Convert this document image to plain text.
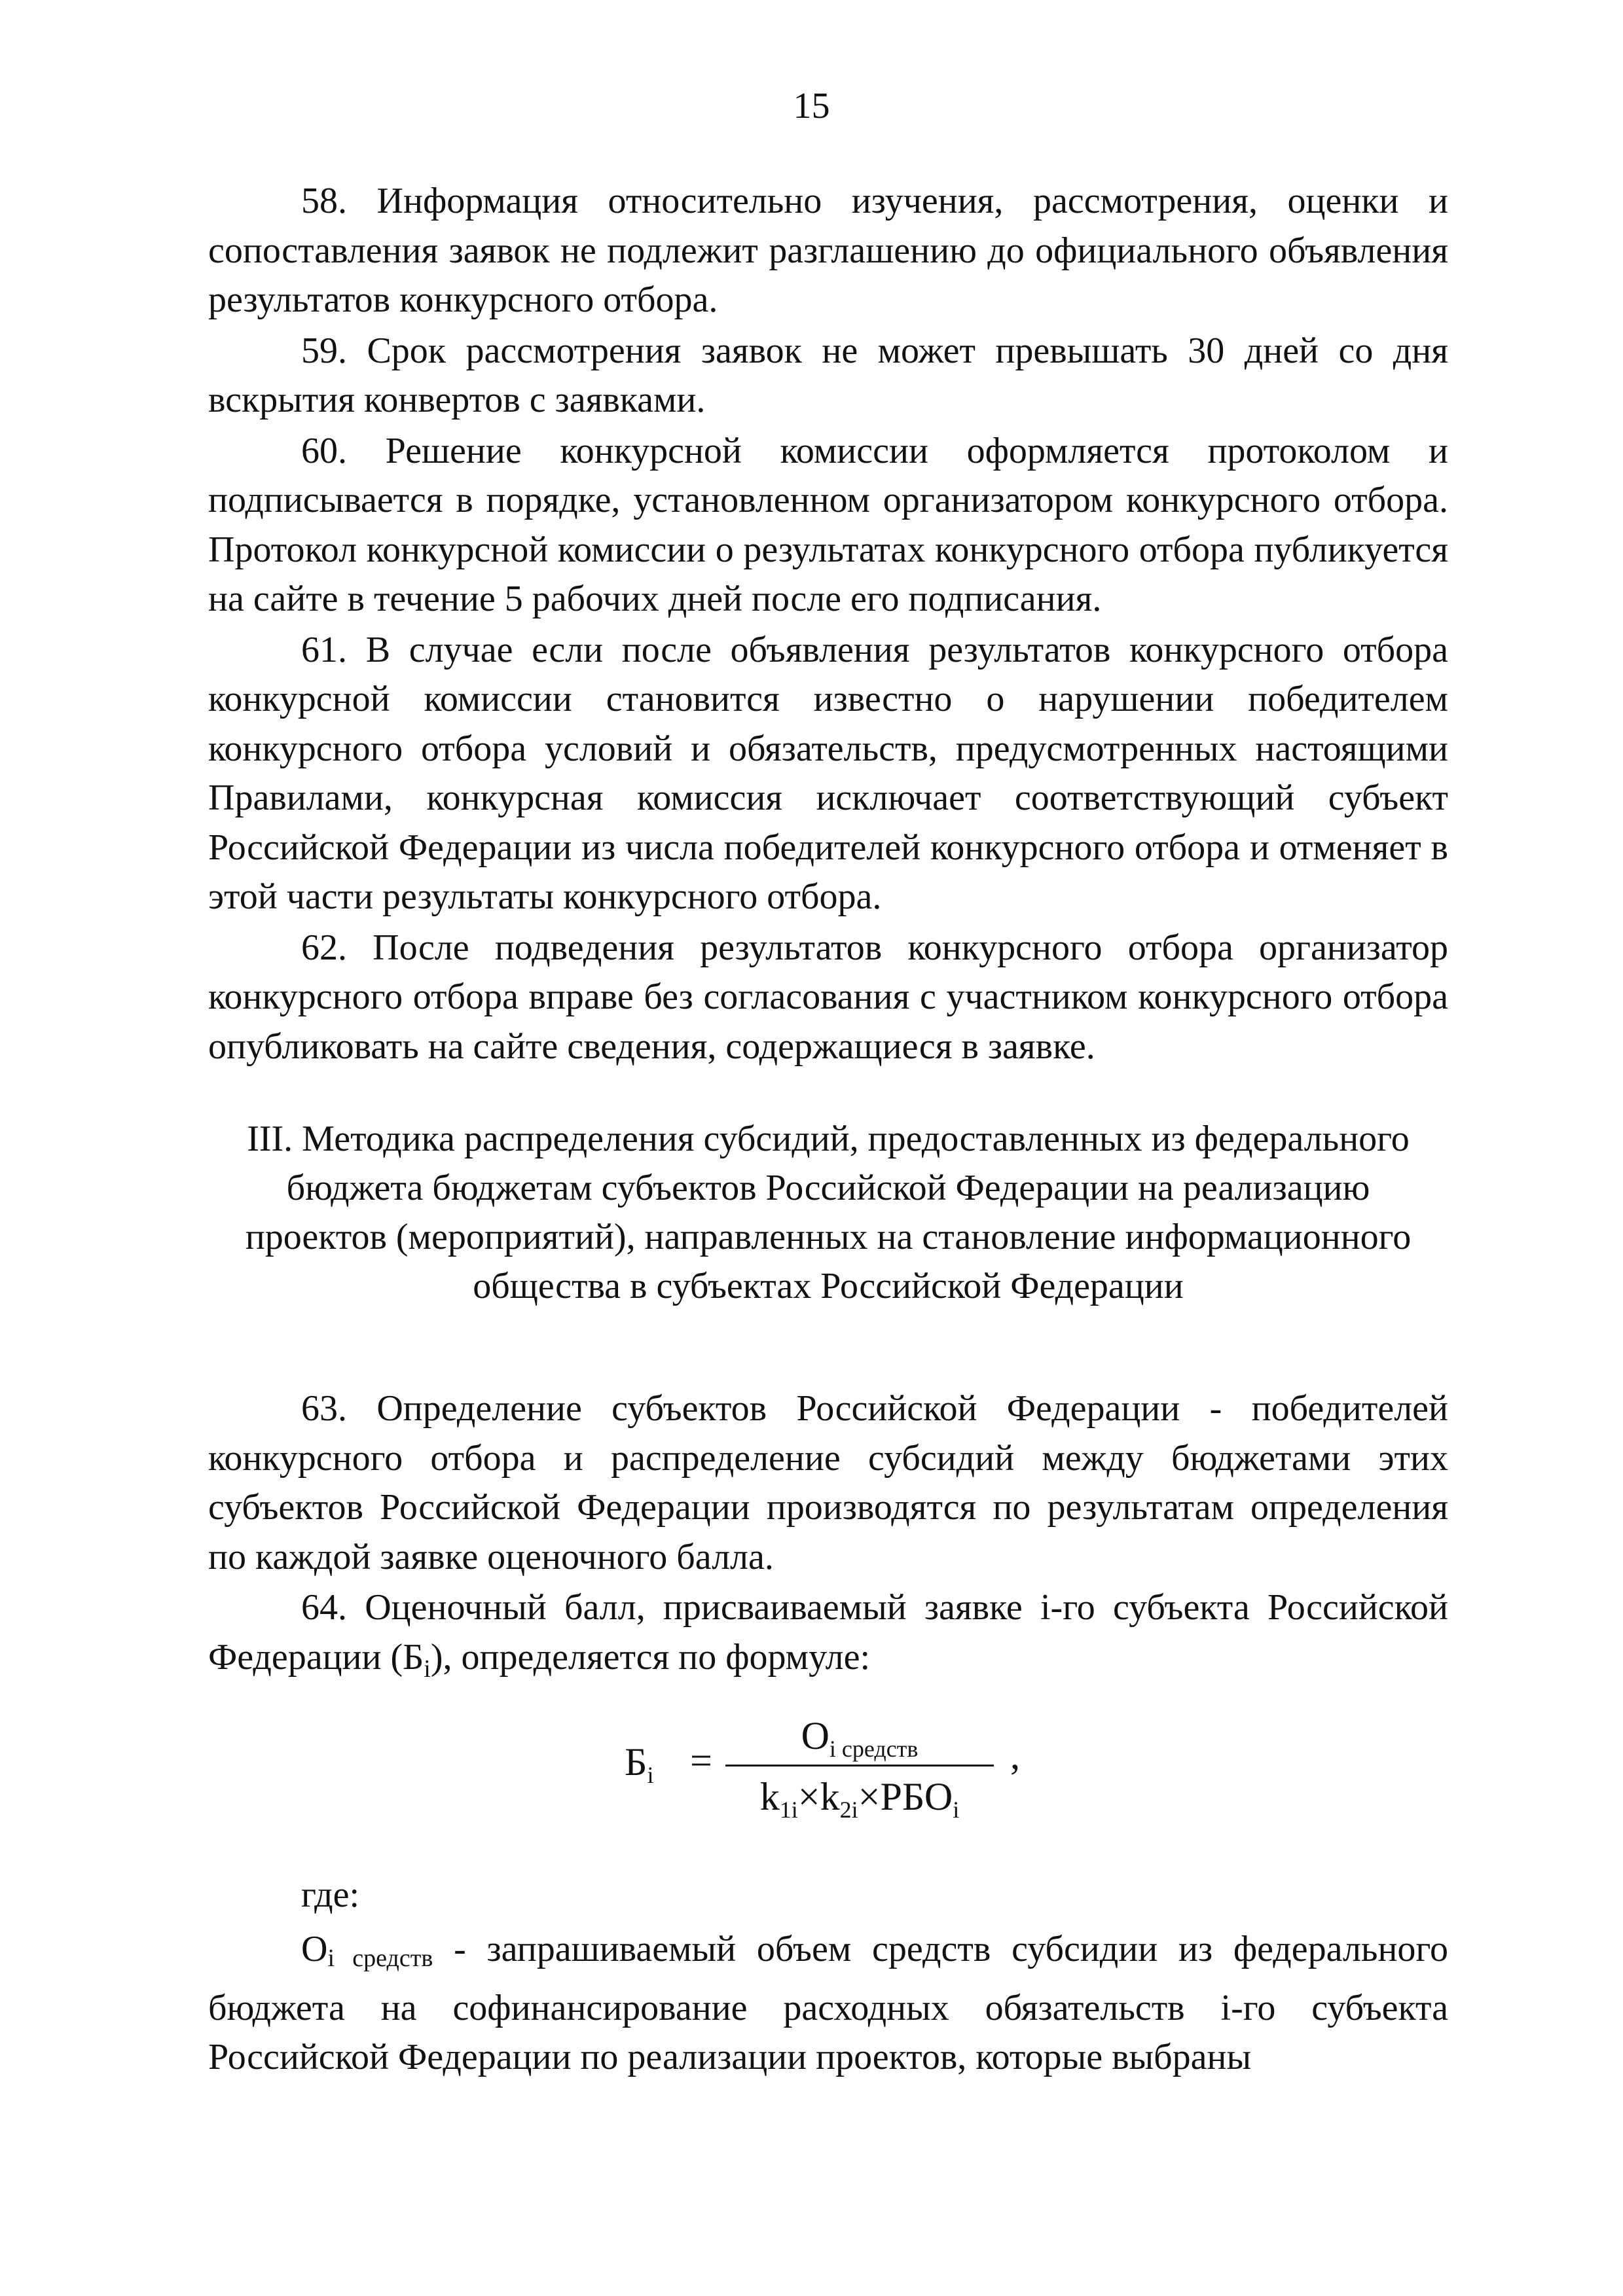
15

58. Информация относительно изучения, рассмотрения, оценки и сопоставления заявок не подлежит разглашению до официального объявления результатов конкурсного отбора.

59. Срок рассмотрения заявок не может превышать 30 дней со дня вскрытия конвертов с заявками.

60. Решение конкурсной комиссии оформляется протоколом и подписывается в порядке, установленном организатором конкурсного отбора. Протокол конкурсной комиссии о результатах конкурсного отбора публикуется на сайте в течение 5 рабочих дней после его подписания.

61. В случае если после объявления результатов конкурсного отбора конкурсной комиссии становится известно о нарушении победителем конкурсного отбора условий и обязательств, предусмотренных настоящими Правилами, конкурсная комиссия исключает соответствующий субъект Российской Федерации из числа победителей конкурсного отбора и отменяет в этой части результаты конкурсного отбора.

62. После подведения результатов конкурсного отбора организатор конкурсного отбора вправе без согласования с участником конкурсного отбора опубликовать на сайте сведения, содержащиеся в заявке.

III. Методика распределения субсидий, предоставленных из федерального бюджета бюджетам субъектов Российской Федерации на реализацию проектов (мероприятий), направленных на становление информационного общества в субъектах Российской Федерации

63. Определение субъектов Российской Федерации - победителей конкурсного отбора и распределение субсидий между бюджетами этих субъектов Российской Федерации производятся по результатам определения по каждой заявке оценочного балла.

64. Оценочный балл, присваиваемый заявке i-го субъекта Российской Федерации $(Б_i)$, определяется по формуле:

$Б_i$ =
$O_{i средств}$
$k_{1i}\times k_{2i}\times РБО_i$
,

где:

$O_{i средств}$ - запрашиваемый объем средств субсидии из федерального бюджета на софинансирование расходных обязательств i-го субъекта Российской Федерации по реализации проектов, которые выбраны
